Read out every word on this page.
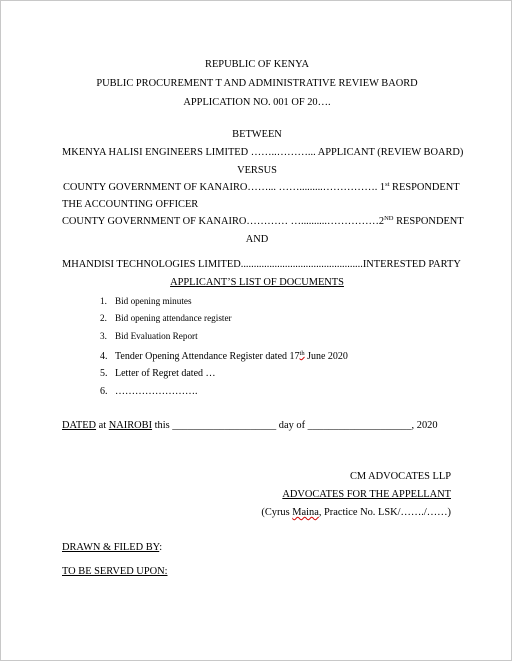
REPUBLIC OF KENYA
PUBLIC PROCUREMENT T AND ADMINISTRATIVE REVIEW BAORD
APPLICATION NO. 001 OF 20….
BETWEEN
MKENYA HALISI ENGINEERS LIMITED ……..………... APPLICANT (REVIEW BOARD)
VERSUS
COUNTY GOVERNMENT OF KANAIRO……... …….........……………. 1st RESPONDENT
THE ACCOUNTING OFFICER
COUNTY GOVERNMENT OF KANAIRO………… …..........……………2ND RESPONDENT
AND
MHANDISI TECHNOLOGIES LIMITED...............................................INTERESTED PARTY
APPLICANT’S LIST OF DOCUMENTS
1. Bid opening minutes
2. Bid opening attendance register
3. Bid Evaluation Report
4. Tender Opening Attendance Register dated 17th June 2020
5. Letter of Regret dated …
6. …………………….
DATED at NAIROBI this ____________________ day of ____________________, 2020
CM ADVOCATES LLP
ADVOCATES FOR THE APPELLANT
(Cyrus Maina, Practice No. LSK/……./……)
DRAWN & FILED BY:
TO BE SERVED UPON:
